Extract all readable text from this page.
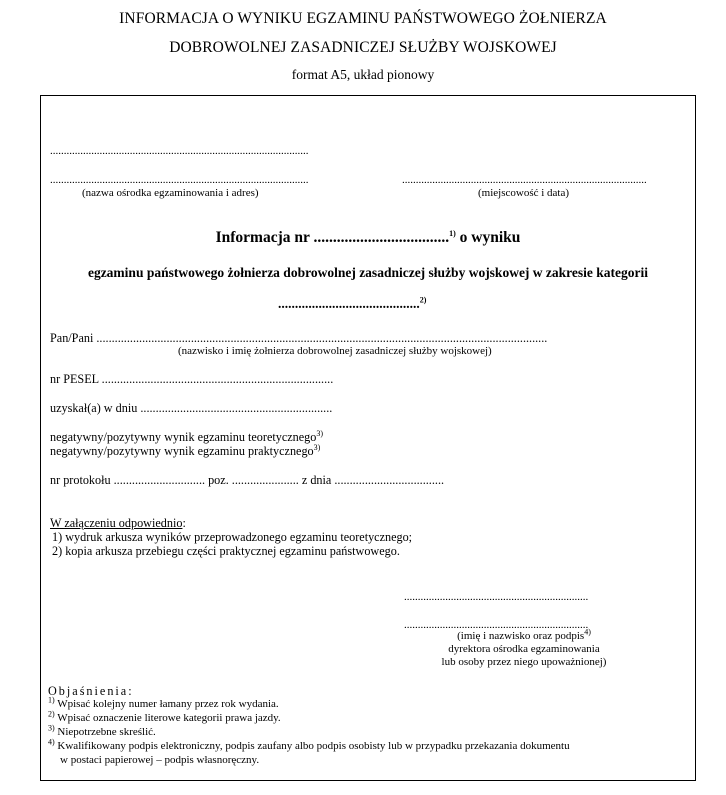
INFORMACJA O WYNIKU EGZAMINU PAŃSTWOWEGO ŻOŁNIERZA
DOBROWOLNEJ ZASADNICZEJ SŁUŻBY WOJSKOWEJ
format A5, układ pionowy
..............................................................................................
..............................................................................................
(nazwa ośrodka egzaminowania i adres)
.........................................................................................
(miejscowość i data)
Informacja nr ...................................$^{1)}$ o wyniku
egzaminu państwowego żołnierza dobrowolnej zasadniczej służby wojskowej w zakresie kategorii
..........................................$^{2)}$
Pan/Pani ....................................................................................................................................................
(nazwisko i imię żołnierza dobrowolnej zasadniczej służby wojskowej)
nr PESEL ............................................................................
uzyskał(a) w dniu ...............................................................
negatywny/pozytywny wynik egzaminu teoretycznego$^{3)}$
negatywny/pozytywny wynik egzaminu praktycznego$^{3)}$
nr protokołu .............................. poz. ...................... z dnia ....................................
W załączeniu odpowiednio:
1) wydruk arkusza wyników przeprowadzonego egzaminu teoretycznego;
2) kopia arkusza przebiegu części praktycznej egzaminu państwowego.
...................................................................
...................................................................
(imię i nazwisko oraz podpis$^{4)}$
dyrektora ośrodka egzaminowania
lub osoby przez niego upoważnionej)
Objaśnienia:
$^{1)}$ Wpisać kolejny numer łamany przez rok wydania.
$^{2)}$ Wpisać oznaczenie literowe kategorii prawa jazdy.
$^{3)}$ Niepotrzebne skreślić.
$^{4)}$ Kwalifikowany podpis elektroniczny, podpis zaufany albo podpis osobisty lub w przypadku przekazania dokumentu
w postaci papierowej – podpis własnoręczny.
